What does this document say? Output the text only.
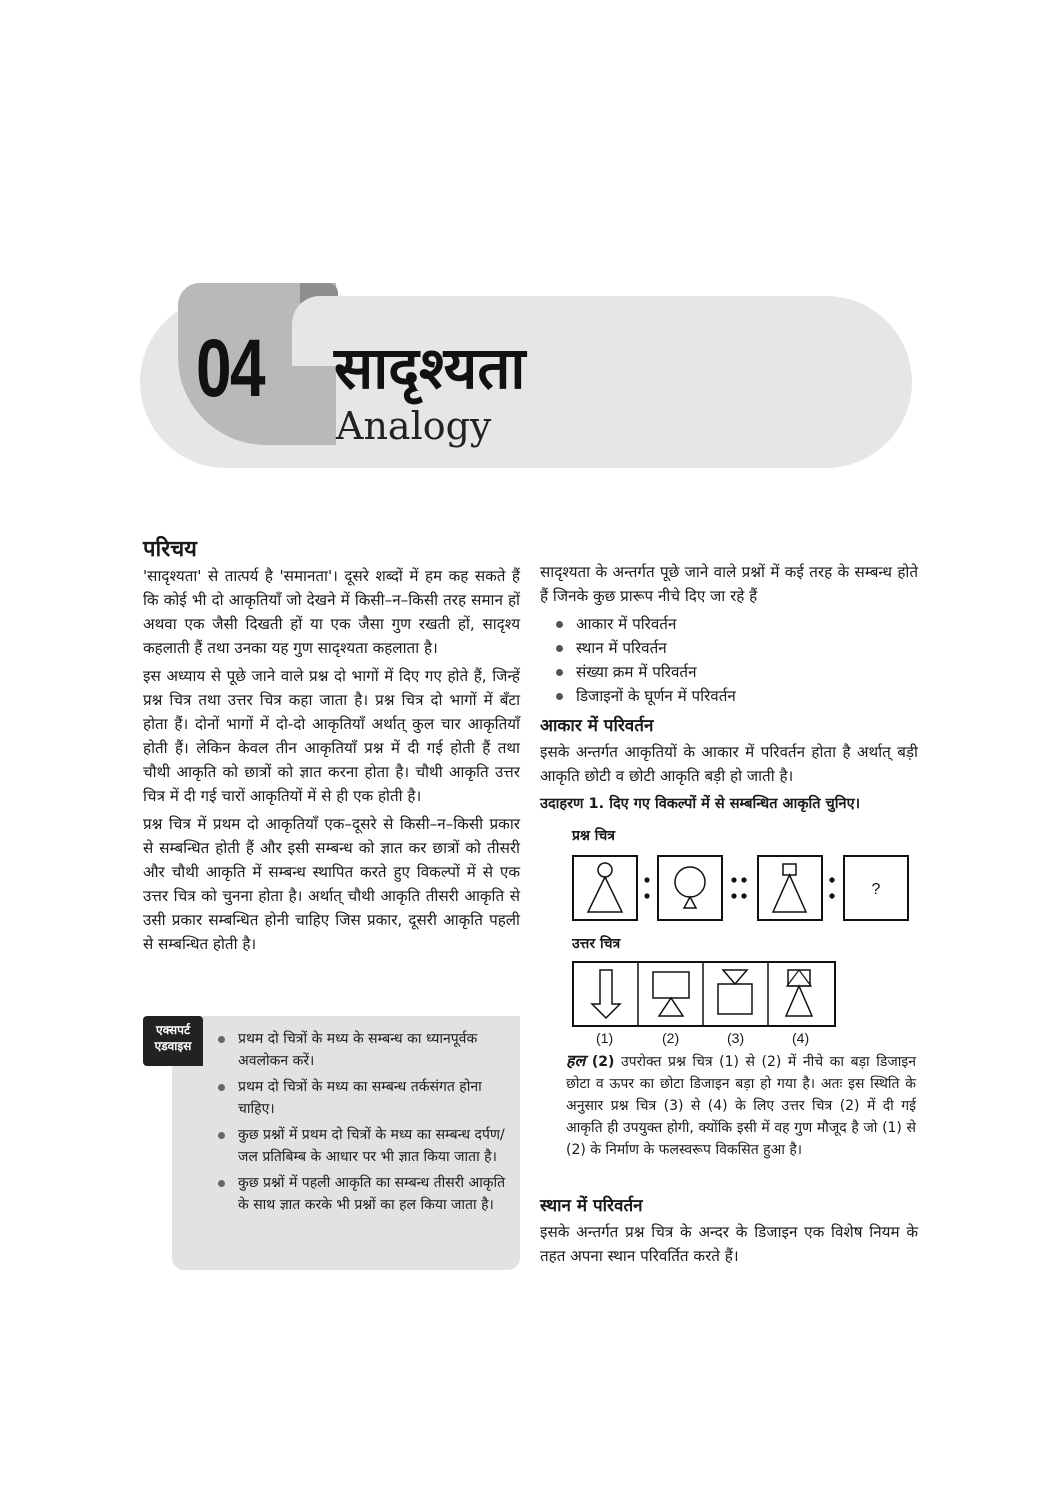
04 सादृश्यता
Analogy
परिचय

'सादृश्यता' से तात्पर्य है 'समानता'। दूसरे शब्दों में हम कह सकते हैं कि कोई भी दो आकृतियाँ जो देखने में किसी–न–किसी तरह समान हों अथवा एक जैसी दिखती हों या एक जैसा गुण रखती हों, सादृश्य कहलाती हैं तथा उनका यह गुण सादृश्यता कहलाता है।

इस अध्याय से पूछे जाने वाले प्रश्न दो भागों में दिए गए होते हैं, जिन्हें प्रश्न चित्र तथा उत्तर चित्र कहा जाता है। प्रश्न चित्र दो भागों में बँटा होता हैं। दोनों भागों में दो-दो आकृतियाँ अर्थात् कुल चार आकृतियाँ होती हैं। लेकिन केवल तीन आकृतियाँ प्रश्न में दी गई होती हैं तथा चौथी आकृति को छात्रों को ज्ञात करना होता है। चौथी आकृति उत्तर चित्र में दी गई चारों आकृतियों में से ही एक होती है।

प्रश्न चित्र में प्रथम दो आकृतियाँ एक–दूसरे से किसी–न–किसी प्रकार से सम्बन्धित होती हैं और इसी सम्बन्ध को ज्ञात कर छात्रों को तीसरी और चौथी आकृति में सम्बन्ध स्थापित करते हुए विकल्पों में से एक उत्तर चित्र को चुनना होता है। अर्थात् चौथी आकृति तीसरी आकृति से उसी प्रकार सम्बन्धित होनी चाहिए जिस प्रकार, दूसरी आकृति पहली से सम्बन्धित होती है।

एक्सपर्ट
एडवाइस	प्रथम दो चित्रों के मध्य के सम्बन्ध का ध्यानपूर्वक अवलोकन करें।
प्रथम दो चित्रों के मध्य का सम्बन्ध तर्कसंगत होना चाहिए।
कुछ प्रश्नों में प्रथम दो चित्रों के मध्य का सम्बन्ध दर्पण/जल प्रतिबिम्ब के आधार पर भी ज्ञात किया जाता है।
कुछ प्रश्नों में पहली आकृति का सम्बन्ध तीसरी आकृति के साथ ज्ञात करके भी प्रश्नों का हल किया जाता है।

सादृश्यता के अन्तर्गत पूछे जाने वाले प्रश्नों में कई तरह के सम्बन्ध होते हैं जिनके कुछ प्रारूप नीचे दिए जा रहे हैं

आकार में परिवर्तन
स्थान में परिवर्तन
संख्या क्रम में परिवर्तन
डिजाइनों के घूर्णन में परिवर्तन
आकार में परिवर्तन

इसके अन्तर्गत आकृतियों के आकार में परिवर्तन होता है अर्थात् बड़ी आकृति छोटी व छोटी आकृति बड़ी हो जाती है।

उदाहरण 1. दिए गए विकल्पों में से सम्बन्धित आकृति चुनिए।

प्रश्न चित्र
?
उत्तर चित्र
(1)	(2)	(3)	(4)
हल (2) उपरोक्त प्रश्न चित्र (1) से (2) में नीचे का बड़ा डिजाइन छोटा व ऊपर का छोटा डिजाइन बड़ा हो गया है। अतः इस स्थिति के अनुसार प्रश्न चित्र (3) से (4) के लिए उत्तर चित्र (2) में दी गई आकृति ही उपयुक्त होगी, क्योंकि इसी में वह गुण मौजूद है जो (1) से (2) के निर्माण के फलस्वरूप विकसित हुआ है।
स्थान में परिवर्तन

इसके अन्तर्गत प्रश्न चित्र के अन्दर के डिजाइन एक विशेष नियम के तहत अपना स्थान परिवर्तित करते हैं।
